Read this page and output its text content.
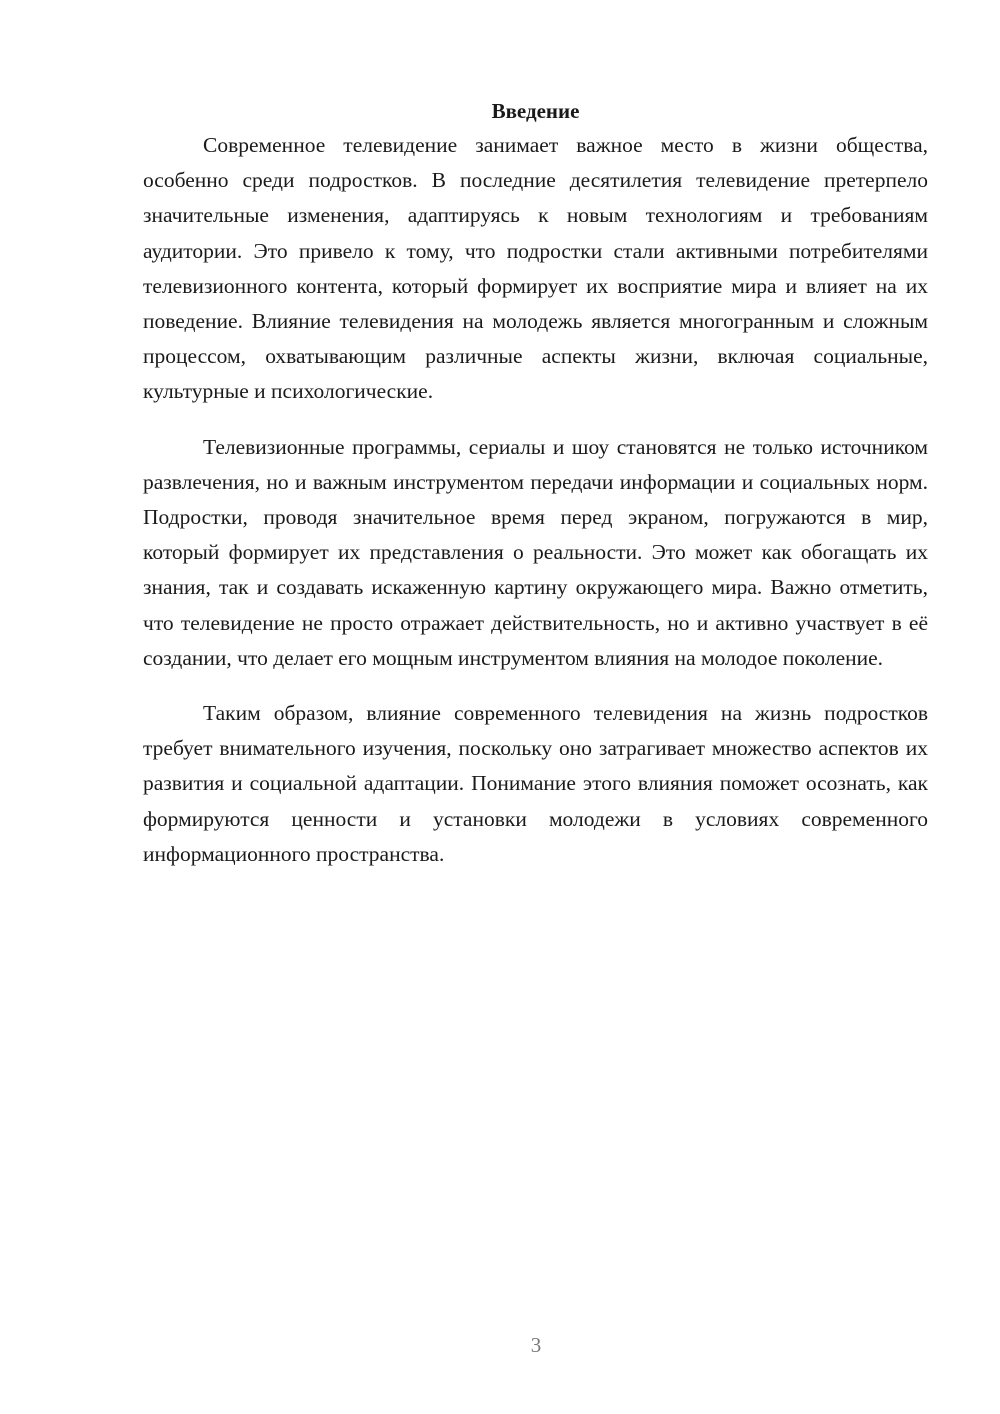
Введение

Современное телевидение занимает важное место в жизни общества, особенно среди подростков. В последние десятилетия телевидение претерпело значительные изменения, адаптируясь к новым технологиям и требованиям аудитории. Это привело к тому, что подростки стали активными потребителями телевизионного контента, который формирует их восприятие мира и влияет на их поведение. Влияние телевидения на молодежь является многогранным и сложным процессом, охватывающим различные аспекты жизни, включая социальные, культурные и психологические.

Телевизионные программы, сериалы и шоу становятся не только источником развлечения, но и важным инструментом передачи информации и социальных норм. Подростки, проводя значительное время перед экраном, погружаются в мир, который формирует их представления о реальности. Это может как обогащать их знания, так и создавать искаженную картину окружающего мира. Важно отметить, что телевидение не просто отражает действительность, но и активно участвует в её создании, что делает его мощным инструментом влияния на молодое поколение.

Таким образом, влияние современного телевидения на жизнь подростков требует внимательного изучения, поскольку оно затрагивает множество аспектов их развития и социальной адаптации. Понимание этого влияния поможет осознать, как формируются ценности и установки молодежи в условиях современного информационного пространства.

3
